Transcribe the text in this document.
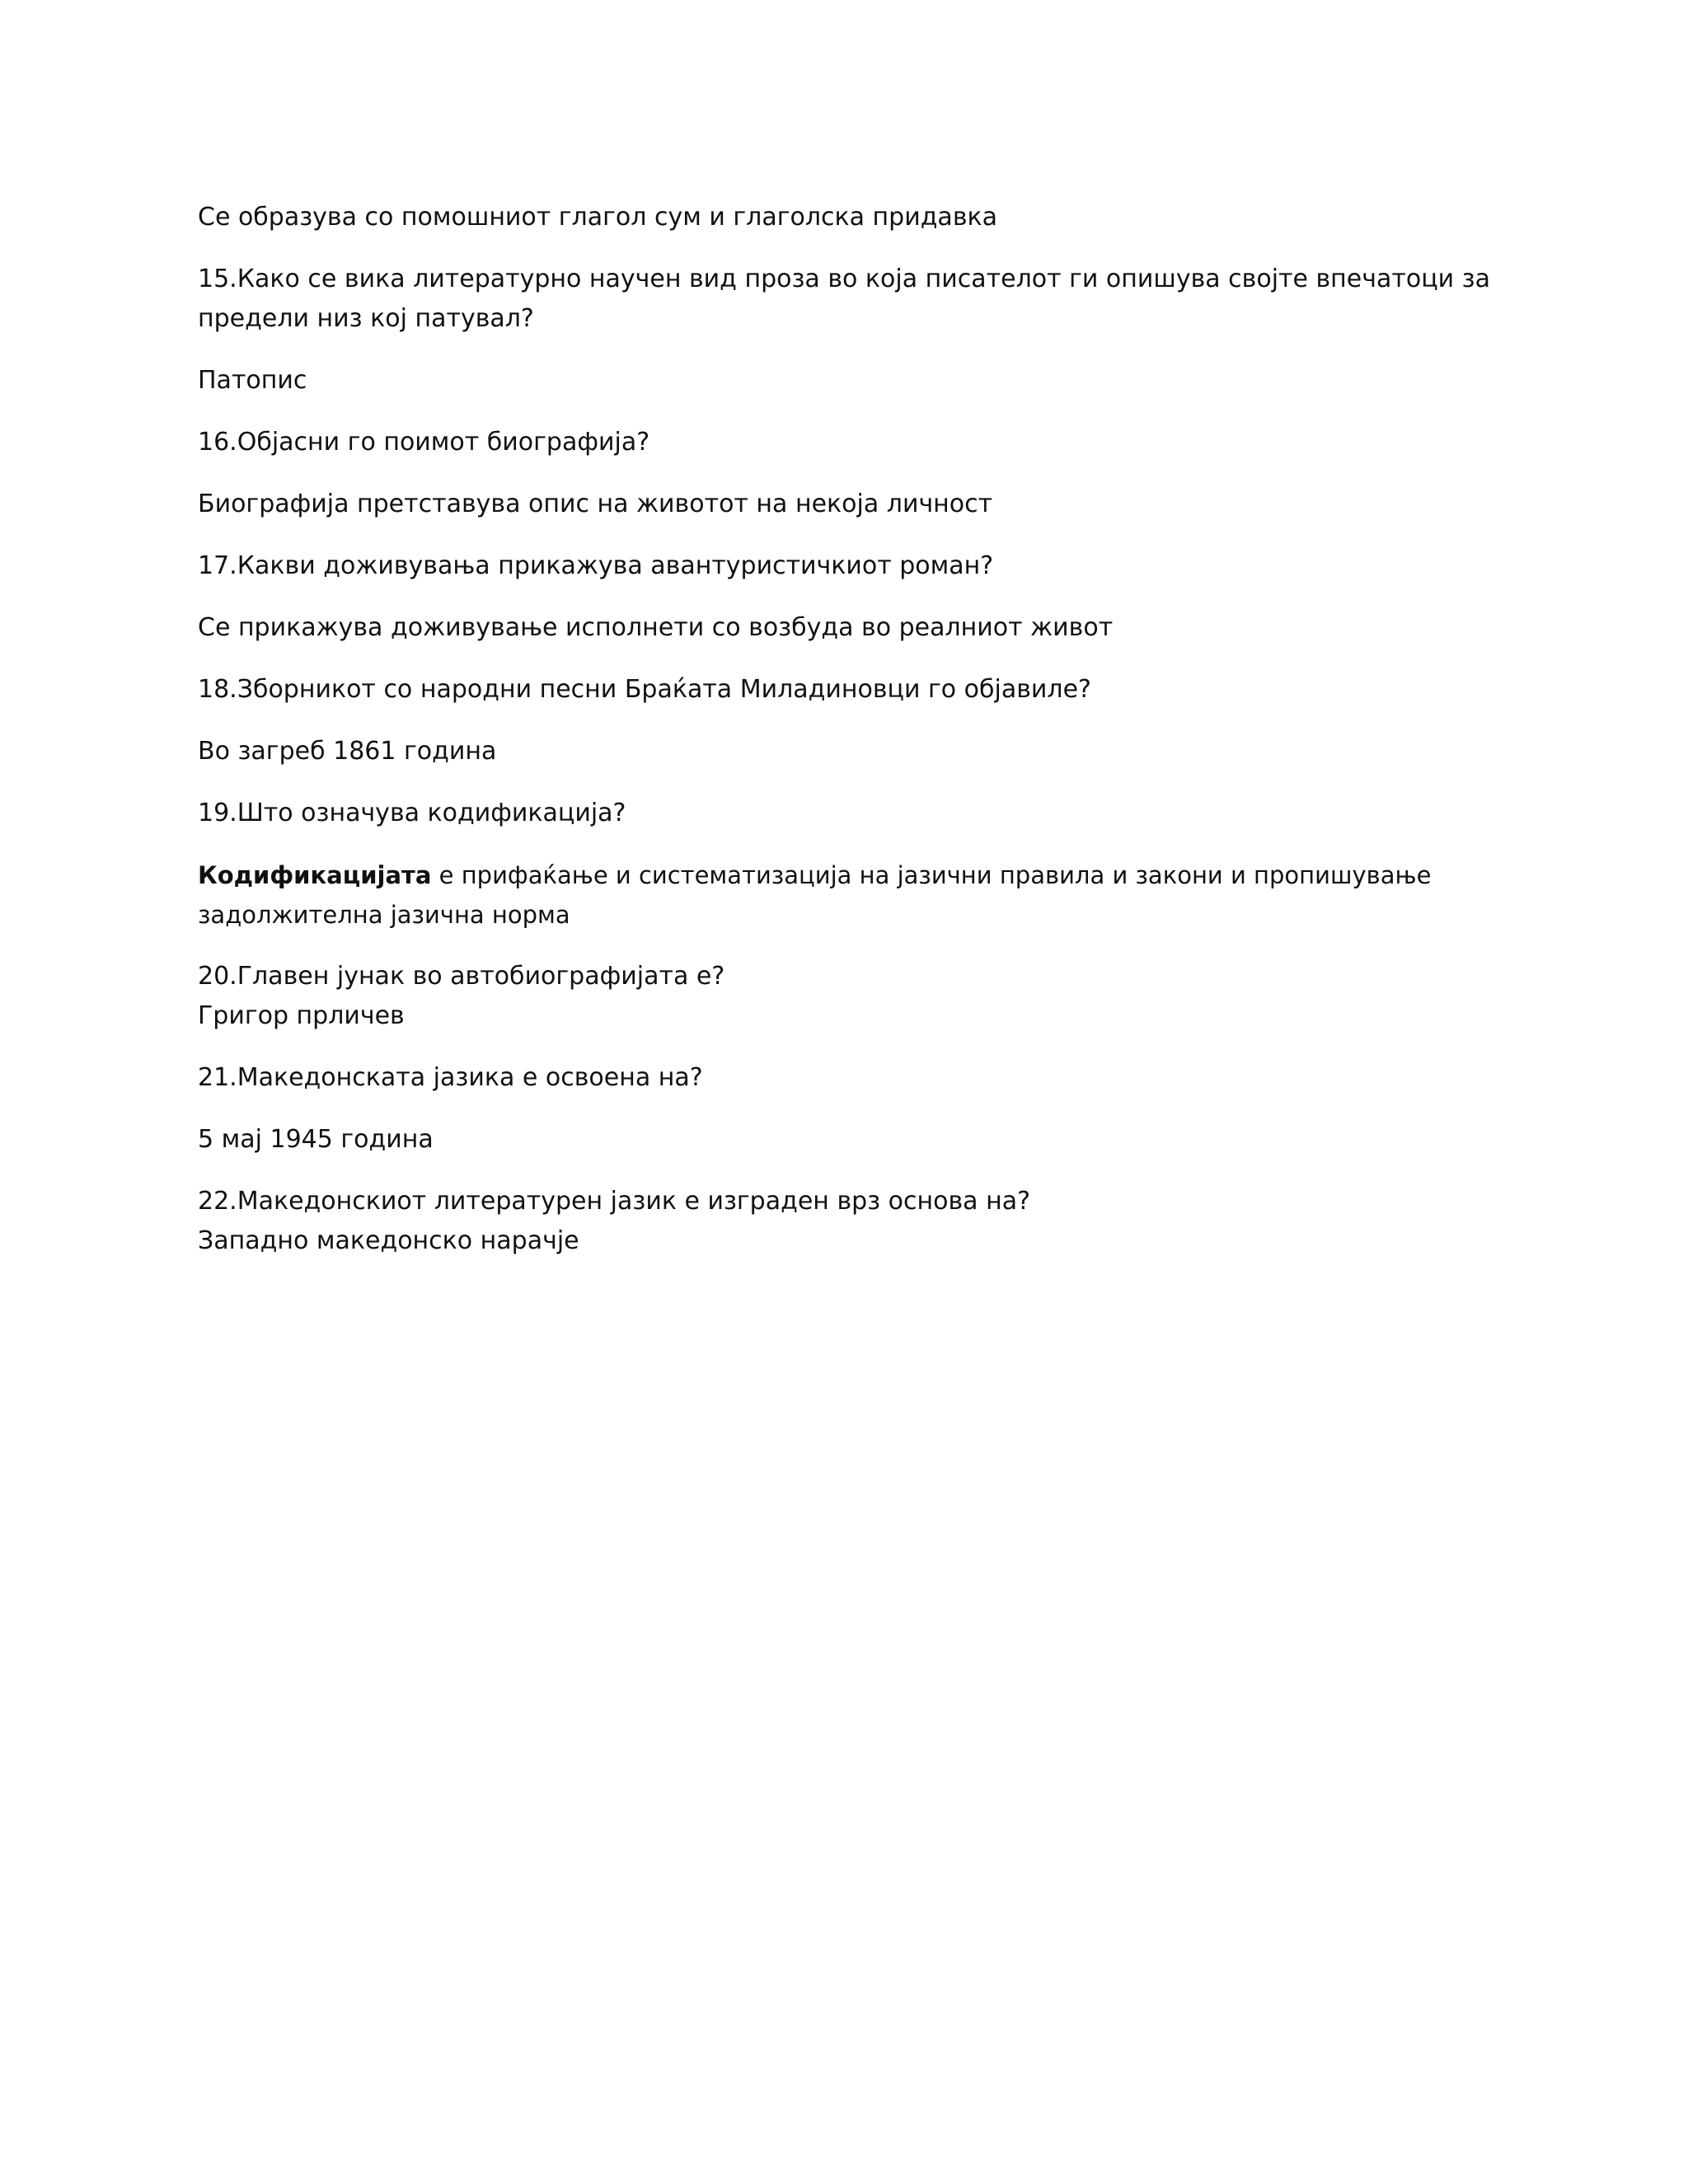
Се образува со помошниот глагол сум и глаголска придавка

15.Како се вика литературно научен вид проза во која писателот ги опишува својте впечатоци за
предели низ кој патувал?

Патопис

16.Објасни го поимот биографија?

Биографија претставува опис на животот на некоја личност

17.Какви доживувања прикажува авантуристичкиот роман?

Се прикажува доживување исполнети со возбуда во реалниот живот

18.Зборникот со народни песни Браќата Миладиновци го објавиле?

Во загреб 1861 година

19.Што означува кодификација?

Кодификацијата е прифаќање и систематизација на јазични правила и закони и пропишување
задолжителна јазична норма

20.Главен јунак во автобиографијата е?
Григор прличев

21.Македонската јазика е освоена на?

5 мај 1945 година

22.Македонскиот литературен јазик е изграден врз основа на?
Западно македонско нарачје
